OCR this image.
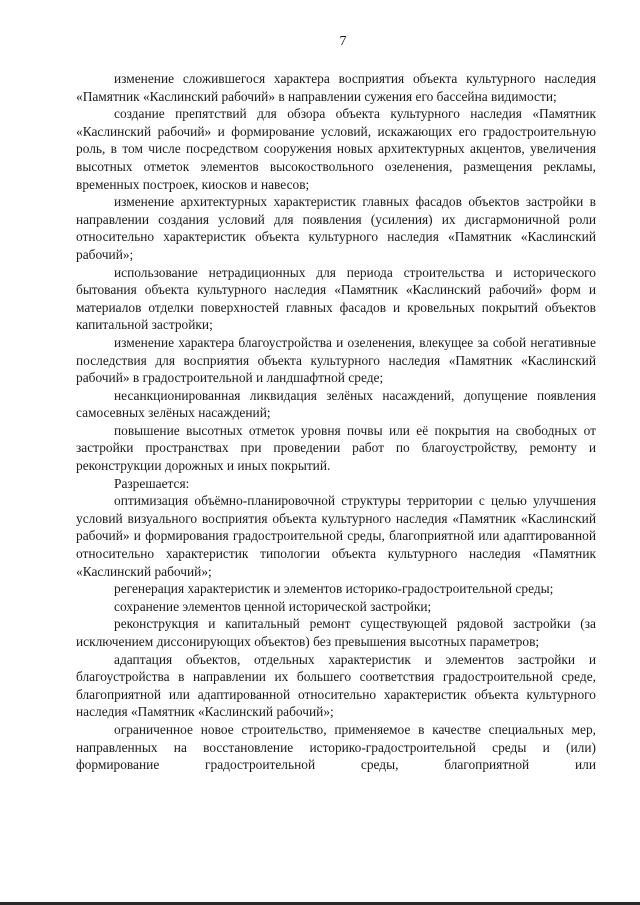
7

изменение сложившегося характера восприятия объекта культурного наследия «Памятник «Каслинский рабочий» в направлении сужения его бассейна видимости;

создание препятствий для обзора объекта культурного наследия «Памятник «Каслинский рабочий» и формирование условий, искажающих его градостроительную роль, в том числе посредством сооружения новых архитектурных акцентов, увеличения высотных отметок элементов высокоствольного озеленения, размещения рекламы, временных построек, киосков и навесов;

изменение архитектурных характеристик главных фасадов объектов застройки в направлении создания условий для появления (усиления) их дисгармоничной роли относительно характеристик объекта культурного наследия «Памятник «Каслинский рабочий»;

использование нетрадиционных для периода строительства и исторического бытования объекта культурного наследия «Памятник «Каслинский рабочий» форм и материалов отделки поверхностей главных фасадов и кровельных покрытий объектов капитальной застройки;

изменение характера благоустройства и озеленения, влекущее за собой негативные последствия для восприятия объекта культурного наследия «Памятник «Каслинский рабочий» в градостроительной и ландшафтной среде;

несанкционированная ликвидация зелёных насаждений, допущение появления самосевных зелёных насаждений;

повышение высотных отметок уровня почвы или её покрытия на свободных от застройки пространствах при проведении работ по благоустройству, ремонту и реконструкции дорожных и иных покрытий.

Разрешается:

оптимизация объёмно-планировочной структуры территории с целью улучшения условий визуального восприятия объекта культурного наследия «Памятник «Каслинский рабочий» и формирования градостроительной среды, благоприятной или адаптированной относительно характеристик типологии объекта культурного наследия «Памятник «Каслинский рабочий»;

регенерация характеристик и элементов историко-градостроительной среды;

сохранение элементов ценной исторической застройки;

реконструкция и капитальный ремонт существующей рядовой застройки (за исключением диссонирующих объектов) без превышения высотных параметров;

адаптация объектов, отдельных характеристик и элементов застройки и благоустройства в направлении их большего соответствия градостроительной среде, благоприятной или адаптированной относительно характеристик объекта культурного наследия «Памятник «Каслинский рабочий»;

ограниченное новое строительство, применяемое в качестве специальных мер, направленных на восстановление историко-градостроительной среды и (или) формирование градостроительной среды, благоприятной или
